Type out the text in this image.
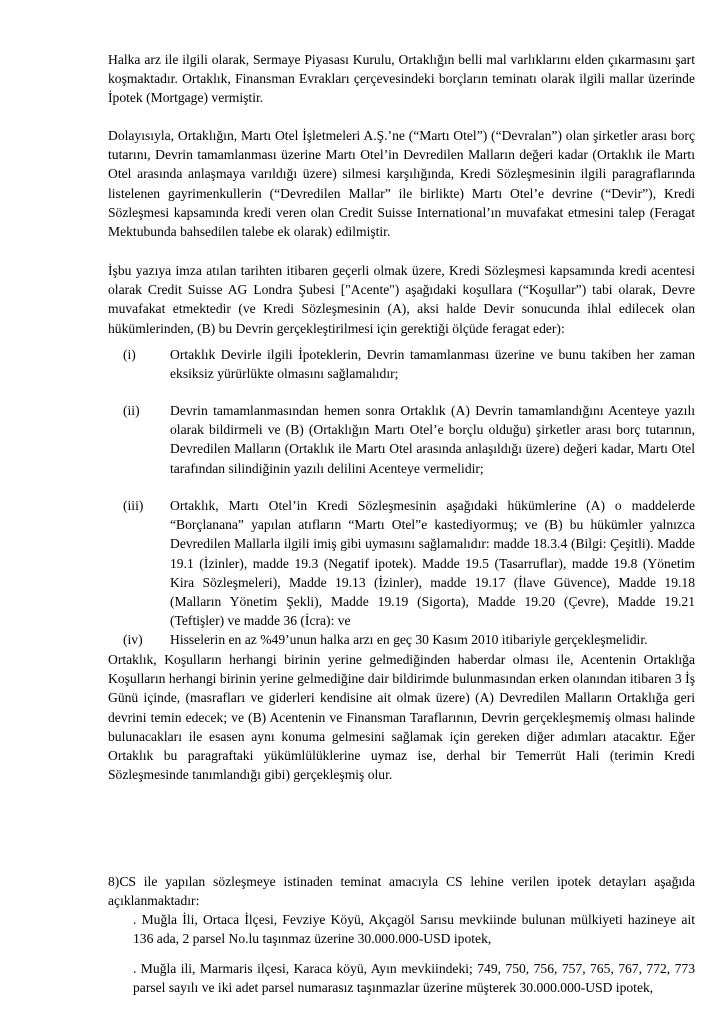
Halka arz ile ilgili olarak, Sermaye Piyasası Kurulu, Ortaklığın belli mal varlıklarını elden çıkarmasını şart koşmaktadır. Ortaklık, Finansman Evrakları çerçevesindeki borçların teminatı olarak ilgili mallar üzerinde İpotek (Mortgage) vermiştir.

Dolayısıyla, Ortaklığın, Martı Otel İşletmeleri A.Ş.’ne (“Martı Otel”) (“Devralan”) olan şirketler arası borç tutarını, Devrin tamamlanması üzerine Martı Otel’in Devredilen Malların değeri kadar (Ortaklık ile Martı Otel arasında anlaşmaya varıldığı üzere) silmesi karşılığında, Kredi Sözleşmesinin ilgili paragraflarında listelenen gayrimenkullerin (“Devredilen Mallar” ile birlikte) Martı Otel’e devrine (“Devir”), Kredi Sözleşmesi kapsamında kredi veren olan Credit Suisse International’ın muvafakat etmesini talep (Feragat Mektubunda bahsedilen talebe ek olarak) edilmiştir.

İşbu yazıya imza atılan tarihten itibaren geçerli olmak üzere, Kredi Sözleşmesi kapsamında kredi acentesi olarak Credit Suisse AG Londra Şubesi ["Acente") aşağıdaki koşullara (“Koşullar”) tabi olarak, Devre muvafakat etmektedir (ve Kredi Sözleşmesinin (A), aksi halde Devir sonucunda ihlal edilecek olan hükümlerinden, (B) bu Devrin gerçekleştirilmesi için gerektiği ölçüde feragat eder):

(i)	Ortaklık Devirle ilgili İpoteklerin, Devrin tamamlanması üzerine ve bunu takiben her zaman eksiksiz yürürlükte olmasını sağlamalıdır;
(ii) Devrin tamamlanmasından hemen sonra Ortaklık (A) Devrin tamamlandığını Acenteye yazılı olarak bildirmeli ve (B) (Ortaklığın Martı Otel’e borçlu olduğu) şirketler arası borç tutarının, Devredilen Malların (Ortaklık ile Martı Otel arasında anlaşıldığı üzere) değeri kadar, Martı Otel tarafından silindiğinin yazılı delilini Acenteye vermelidir;
(iii) Ortaklık, Martı Otel’in Kredi Sözleşmesinin aşağıdaki hükümlerine (A) o maddelerde “Borçlanana” yapılan atıfların “Martı Otel”e kastediyormuş; ve (B) bu hükümler yalnızca Devredilen Mallarla ilgili imiş gibi uymasını sağlamalıdır: madde 18.3.4 (Bilgi: Çeşitli). Madde 19.1 (İzinler), madde 19.3 (Negatif ipotek). Madde 19.5 (Tasarruflar), madde 19.8 (Yönetim Kira Sözleşmeleri), Madde 19.13 (İzinler), madde 19.17 (İlave Güvence), Madde 19.18 (Malların Yönetim Şekli), Madde 19.19 (Sigorta), Madde 19.20 (Çevre), Madde 19.21 (Teftişler) ve madde 36 (İcra): ve
(iv) Hisselerin en az %49’unun halka arzı en geç 30 Kasım 2010 itibariyle gerçekleşmelidir.

Ortaklık, Koşulların herhangi birinin yerine gelmediğinden haberdar olması ile, Acentenin Ortaklığa Koşulların herhangi birinin yerine gelmediğine dair bildirimde bulunmasından erken olanından itibaren 3 İş Günü içinde, (masrafları ve giderleri kendisine ait olmak üzere) (A) Devredilen Malların Ortaklığa geri devrini temin edecek; ve (B) Acentenin ve Finansman Taraflarının, Devrin gerçekleşmemiş olması halinde bulunacakları ile esasen aynı konuma gelmesini sağlamak için gereken diğer adımları atacaktır. Eğer Ortaklık bu paragraftaki yükümlülüklerine uymaz ise, derhal bir Temerrüt Hali (terimin Kredi Sözleşmesinde tanımlandığı gibi) gerçekleşmiş olur.

8)CS ile yapılan sözleşmeye istinaden teminat amacıyla CS lehine verilen ipotek detayları aşağıda açıklanmaktadır:

. Muğla İli, Ortaca İlçesi, Fevziye Köyü, Akçagöl Sarısu mevkiinde bulunan mülkiyeti hazineye ait 136 ada, 2 parsel No.lu taşınmaz üzerine 30.000.000-USD ipotek,
. Muğla ili, Marmaris ilçesi, Karaca köyü, Ayın mevkiindeki; 749, 750, 756, 757, 765, 767, 772, 773 parsel sayılı ve iki adet parsel numarasız taşınmazlar üzerine müşterek 30.000.000-USD ipotek,
